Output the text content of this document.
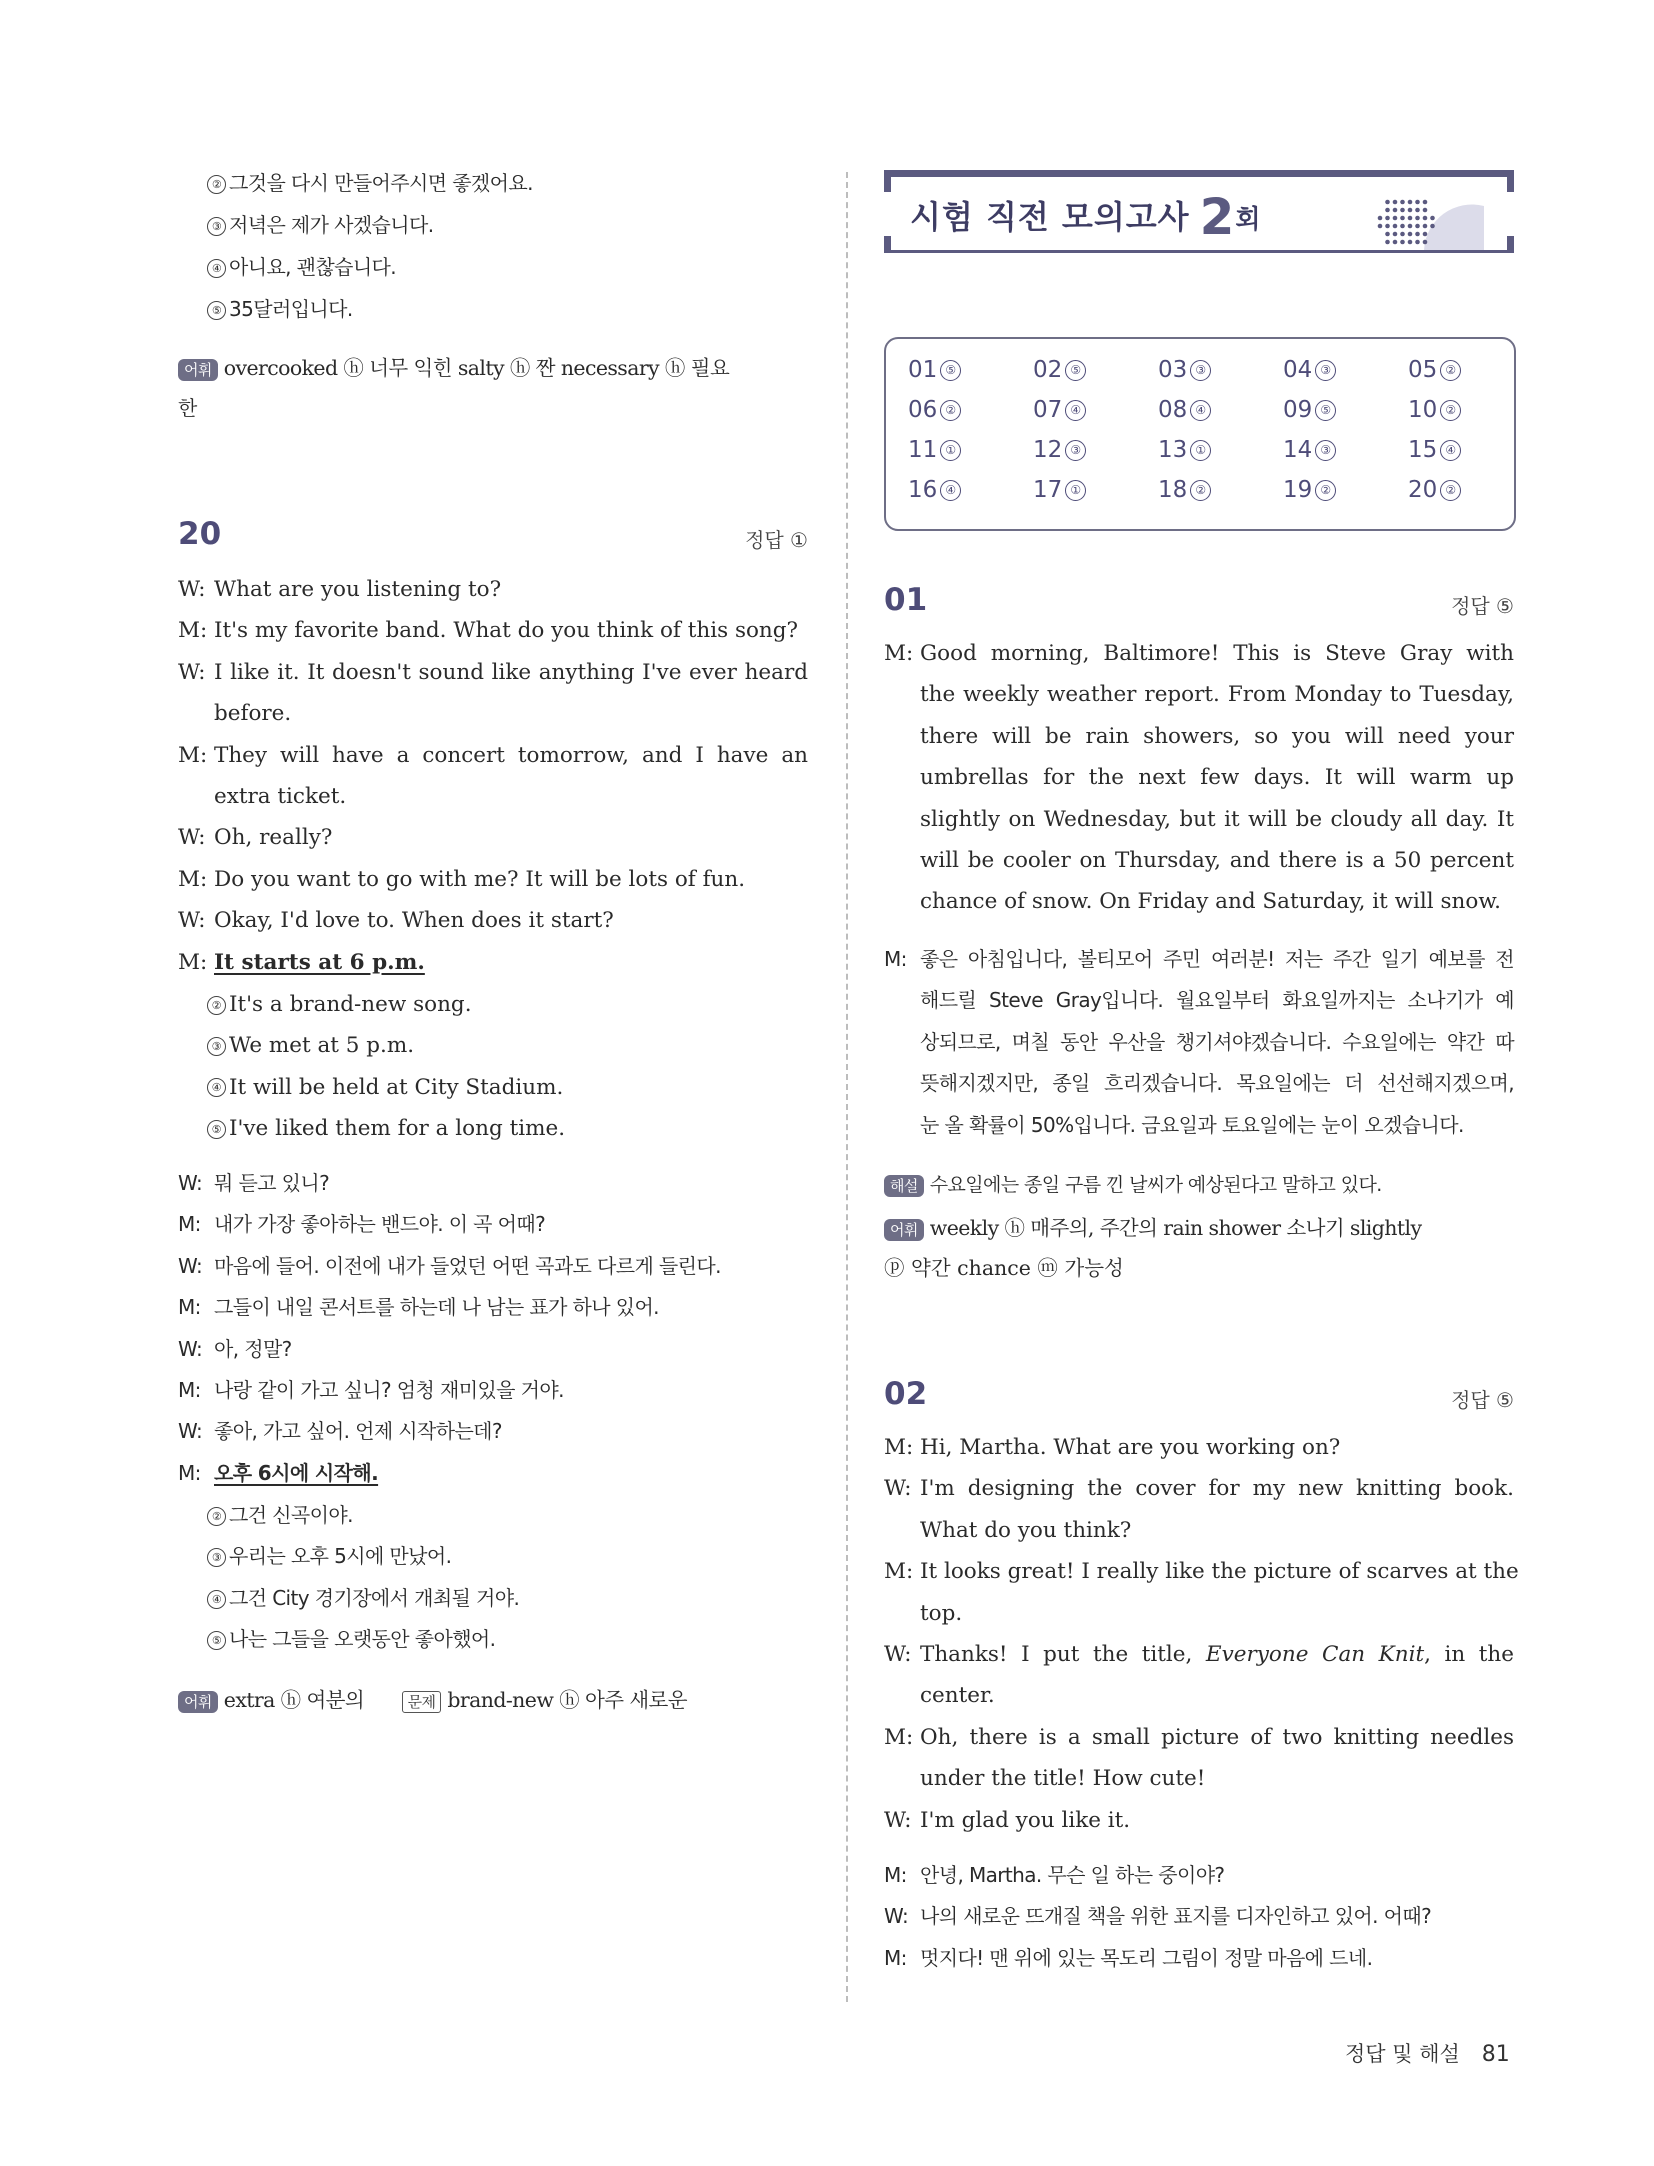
② 그것을 다시 만들어주시면 좋겠어요.
③ 저녁은 제가 사겠습니다.
④ 아니요, 괜찮습니다.
⑤ 35달러입니다.
어휘 overcooked ⓗ 너무 익힌 salty ⓗ 짠 necessary ⓗ 필요
한
20	정답 ①
W: What are you listening to?
M: It's my favorite band. What do you think of this song?
W: I like it. It doesn't sound like anything I've ever heard
before.
M: They will have a concert tomorrow, and I have an
extra ticket.
W: Oh, really?
M: Do you want to go with me? It will be lots of fun.
W: Okay, I'd love to. When does it start?
M: It starts at 6 p.m.
② It's a brand-new song.
③ We met at 5 p.m.
④ It will be held at City Stadium.
⑤ I've liked them for a long time.
W: 뭐 듣고 있니?
M: 내가 가장 좋아하는 밴드야. 이 곡 어때?
W: 마음에 들어. 이전에 내가 들었던 어떤 곡과도 다르게 들린다.
M: 그들이 내일 콘서트를 하는데 나 남는 표가 하나 있어.
W: 아, 정말?
M: 나랑 같이 가고 싶니? 엄청 재미있을 거야.
W: 좋아, 가고 싶어. 언제 시작하는데?
M: 오후 6시에 시작해.
② 그건 신곡이야.
③ 우리는 오후 5시에 만났어.
④ 그건 City 경기장에서 개최될 거야.
⑤ 나는 그들을 오랫동안 좋아했어.
어휘 extra ⓗ 여분의	문제 brand-new ⓗ 아주 새로운
시험 직전 모의고사 2회
01 ⑤	02 ⑤	03 ③	04 ③	05 ②
06 ②	07 ④	08 ④	09 ⑤	10 ②
11 ①	12 ③	13 ①	14 ③	15 ④
16 ④	17 ①	18 ②	19 ②	20 ②
01	정답 ⑤
M: Good morning, Baltimore! This is Steve Gray with
the weekly weather report. From Monday to Tuesday,
there will be rain showers, so you will need your
umbrellas for the next few days. It will warm up
slightly on Wednesday, but it will be cloudy all day. It
will be cooler on Thursday, and there is a 50 percent
chance of snow. On Friday and Saturday, it will snow.
M: 좋은 아침입니다, 볼티모어 주민 여러분! 저는 주간 일기 예보를 전
해드릴 Steve Gray입니다. 월요일부터 화요일까지는 소나기가 예
상되므로, 며칠 동안 우산을 챙기셔야겠습니다. 수요일에는 약간 따
뜻해지겠지만, 종일 흐리겠습니다. 목요일에는 더 선선해지겠으며,
눈 올 확률이 50%입니다. 금요일과 토요일에는 눈이 오겠습니다.
해설 수요일에는 종일 구름 낀 날씨가 예상된다고 말하고 있다.
어휘 weekly ⓗ 매주의, 주간의 rain shower 소나기 slightly
ⓟ 약간 chance ⓜ 가능성
02	정답 ⑤
M: Hi, Martha. What are you working on?
W: I'm designing the cover for my new knitting book.
What do you think?
M: It looks great! I really like the picture of scarves at the
top.
W: Thanks! I put the title, Everyone Can Knit, in the
center.
M: Oh, there is a small picture of two knitting needles
under the title! How cute!
W: I'm glad you like it.
M: 안녕, Martha. 무슨 일 하는 중이야?
W: 나의 새로운 뜨개질 책을 위한 표지를 디자인하고 있어. 어때?
M: 멋지다! 맨 위에 있는 목도리 그림이 정말 마음에 드네.
정답 및 해설 81
